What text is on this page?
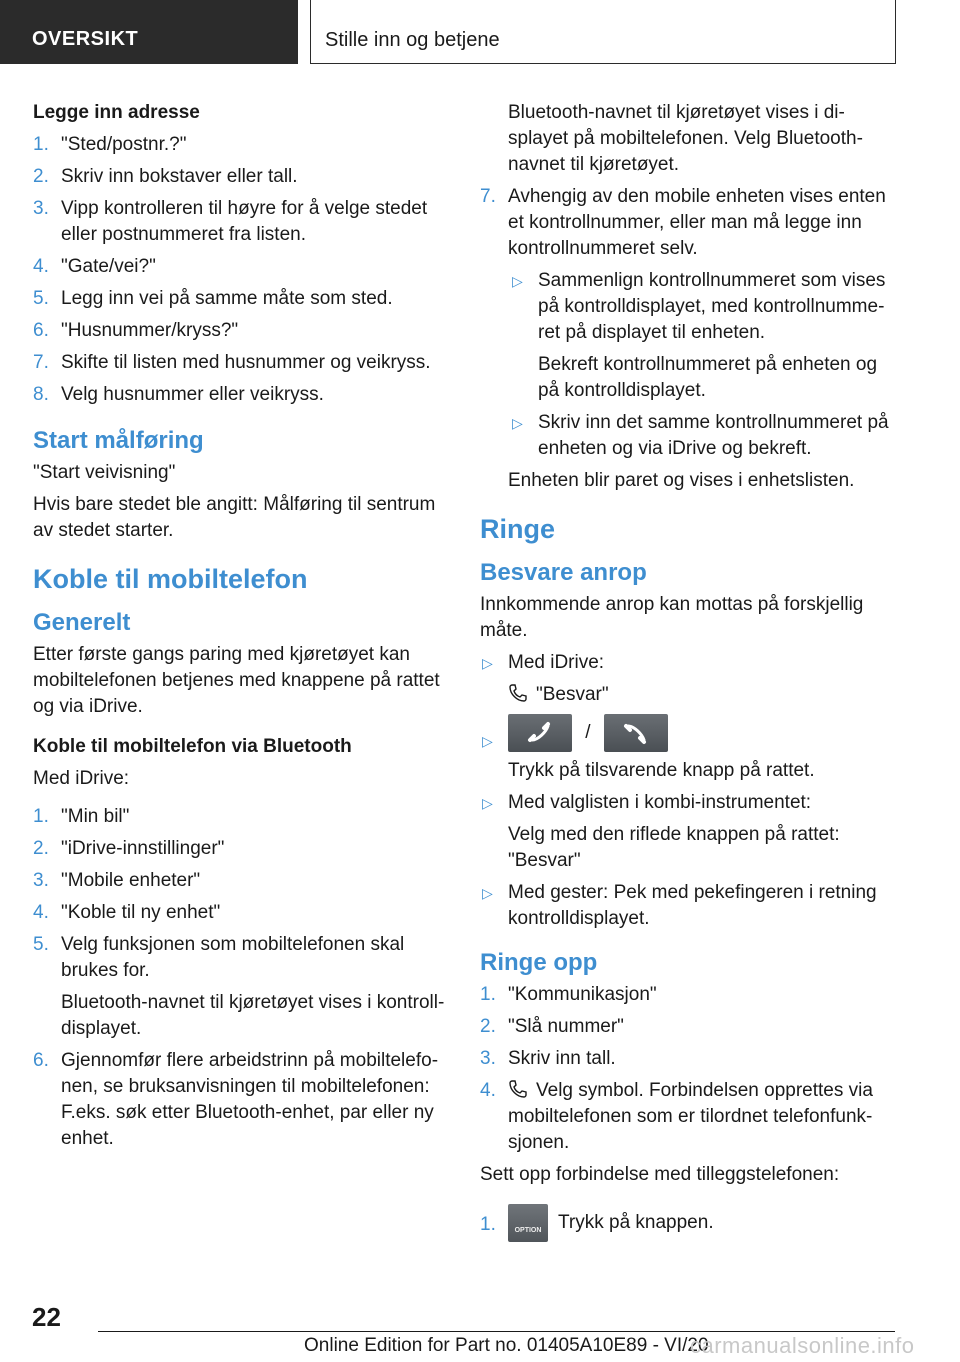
OVERSIKT	Stille inn og betjene
Legge inn adresse
1. "Sted/postnr.?"
2. Skriv inn bokstaver eller tall.
3. Vipp kontrolleren til høyre for å velge stedet eller postnummeret fra listen.
4. "Gate/vei?"
5. Legg inn vei på samme måte som sted.
6. "Husnummer/kryss?"
7. Skifte til listen med husnummer og veikryss.
8. Velg husnummer eller veikryss.
Start målføring
"Start veivisning"
Hvis bare stedet ble angitt: Målføring til sentrum av stedet starter.
Koble til mobiltelefon
Generelt
Etter første gangs paring med kjøretøyet kan mobiltelefonen betjenes med knappene på rattet og via iDrive.
Koble til mobiltelefon via Bluetooth
Med iDrive:
1. "Min bil"
2. "iDrive-innstillinger"
3. "Mobile enheter"
4. "Koble til ny enhet"
5. Velg funksjonen som mobiltelefonen skal brukes for.
Bluetooth-navnet til kjøretøyet vises i kontrolldisplayet.
6. Gjennomfør flere arbeidstrinn på mobiltelefonen, se bruksanvisningen til mobiltelefonen: F.eks. søk etter Bluetooth-enhet, par eller ny enhet.
Bluetooth-navnet til kjøretøyet vises i displayet på mobiltelefonen. Velg Bluetooth-navnet til kjøretøyet.
7. Avhengig av den mobile enheten vises enten et kontrollnummer, eller man må legge inn kontrollnummeret selv.
▷ Sammenlign kontrollnummeret som vises på kontrolldisplayet, med kontrollnummeret på displayet til enheten.
Bekreft kontrollnummeret på enheten og på kontrolldisplayet.
▷ Skriv inn det samme kontrollnummeret på enheten og via iDrive og bekreft.
Enheten blir paret og vises i enhetslisten.
Ringe
Besvare anrop
Innkommende anrop kan mottas på forskjellig måte.
▷ Med iDrive:
"Besvar"
▷	/
Trykk på tilsvarende knapp på rattet.
▷ Med valglisten i kombi-instrumentet:
Velg med den riflede knappen på rattet: "Besvar"
▷ Med gester: Pek med pekefingeren i retning kontrolldisplayet.
Ringe opp
1. "Kommunikasjon"
2. "Slå nummer"
3. Skriv inn tall.
4. Velg symbol. Forbindelsen opprettes via mobiltelefonen som er tilordnet telefonfunksjonen.
Sett opp forbindelse med tilleggstelefonen:
1.	OPTION Trykk på knappen.
22
Online Edition for Part no. 01405A10E89 - VI/20
carmanualsonline.info
